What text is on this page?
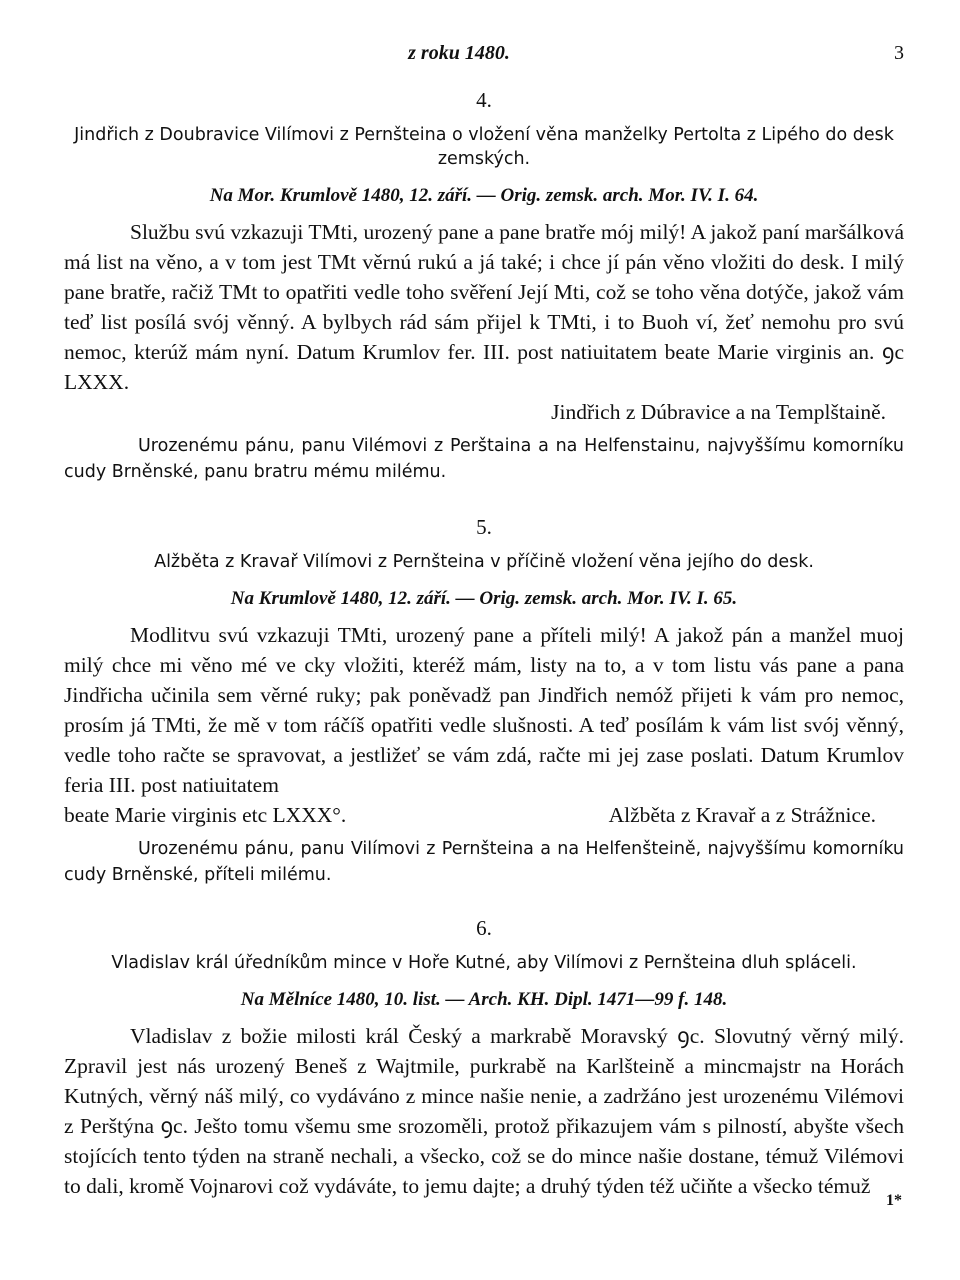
z roku 1480.	3
4.

Jindřich z Doubravice Vilímovi z Pernšteina o vložení věna manželky Pertolta z Lipého do desk zemských.

Na Mor. Krumlově 1480, 12. září. — Orig. zemsk. arch. Mor. IV. I. 64.

Službu svú vzkazuji TMti, urozený pane a pane bratře mój milý! A jakož paní maršálková má list na věno, a v tom jest TMt věrnú rukú a já také; i chce jí pán věno vložiti do desk. I milý pane bratře, račiž TMt to opatřiti vedle toho svěření Její Mti, což se toho věna dotýče, jakož vám teď list posílá svój věnný. A bylbych rád sám přijel k TMti, i to Buoh ví, žeť nemohu pro svú nemoc, kterúž mám nyní. Datum Krumlov fer. III. post natiuitatem beate Marie virginis an. ꝯc LXXX.

Jindřich z Dúbravice a na Templštaině.

Urozenému pánu, panu Vilémovi z Perštaina a na Helfenstainu, najvyššímu komorníku cudy Brněnské, panu bratru mému milému.

5.

Alžběta z Kravař Vilímovi z Pernšteina v příčině vložení věna jejího do desk.

Na Krumlově 1480, 12. září. — Orig. zemsk. arch. Mor. IV. I. 65.

Modlitvu svú vzkazuji TMti, urozený pane a příteli milý! A jakož pán a manžel muoj milý chce mi věno mé ve cky vložiti, kteréž mám, listy na to, a v tom listu vás pane a pana Jindřicha učinila sem věrné ruky; pak poněvadž pan Jindřich nemóž přijeti k vám pro nemoc, prosím já TMti, že mě v tom ráčíš opatřiti vedle slušnosti. A teď posílám k vám list svój věnný, vedle toho račte se spravovat, a jestližeť se vám zdá, račte mi jej zase poslati. Datum Krumlov feria III. post natiuitatem

beate Marie virginis etc LXXX°.	Alžběta z Kravař a z Strážnice.

Urozenému pánu, panu Vilímovi z Pernšteina a na Helfenšteině, najvyššímu komorníku cudy Brněnské, příteli milému.

6.

Vladislav král úředníkům mince v Hoře Kutné, aby Vilímovi z Pernšteina dluh spláceli.

Na Mělníce 1480, 10. list. — Arch. KH. Dipl. 1471—99 f. 148.

Vladislav z božie milosti král Český a markrabě Moravský ꝯc. Slovutný věrný milý. Zpravil jest nás urozený Beneš z Wajtmile, purkrabě na Karlšteině a mincmajstr na Horách Kutných, věrný náš milý, co vydáváno z mince našie nenie, a zadržáno jest urozenému Vilémovi z Perštýna ꝯc. Ješto tomu všemu sme srozoměli, protož přikazujem vám s pilností, abyšte všech stojících tento týden na straně nechali, a všecko, což se do mince našie dostane, témuž Vilémovi to dali, kromě Vojnarovi což vydáváte, to jemu dajte; a druhý týden též učiňte a všecko témuž

1*
